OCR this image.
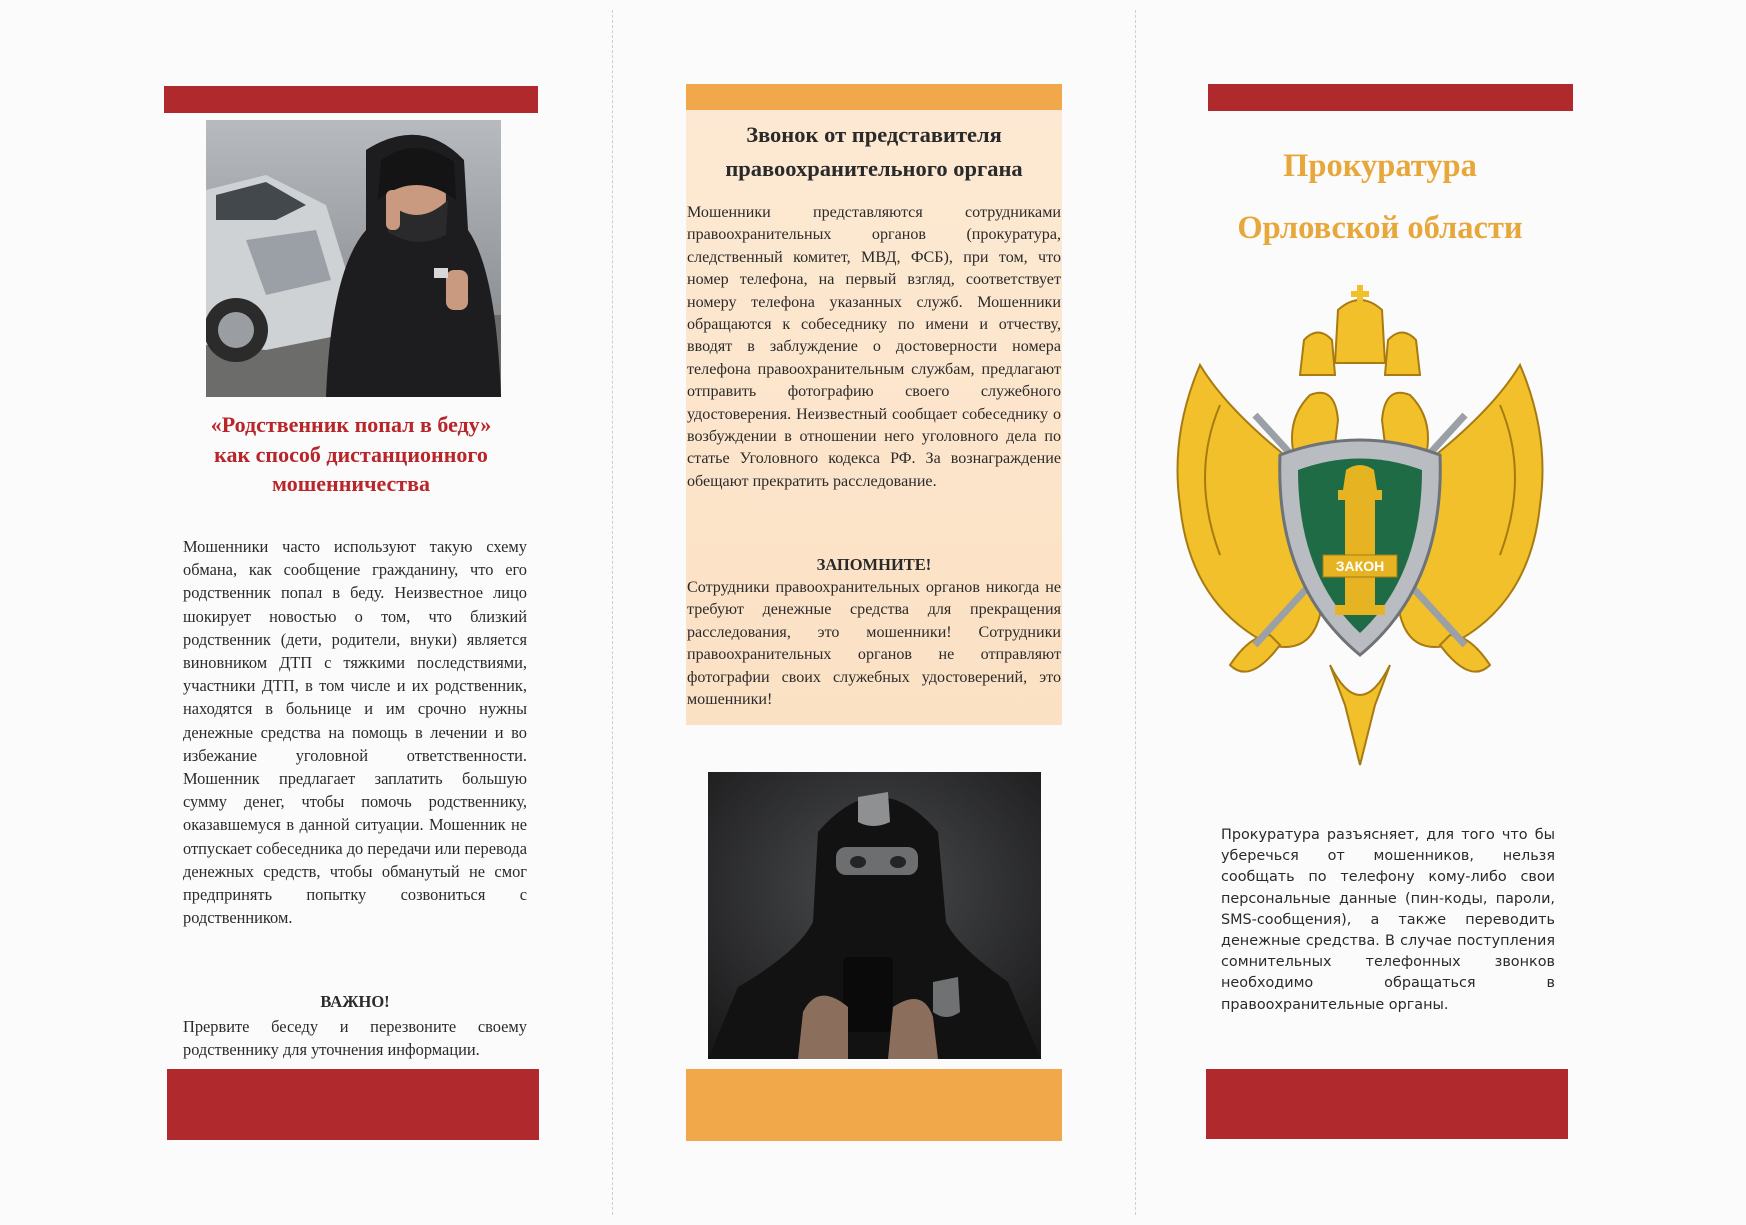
«Родственник попал в беду» как способ дистанционного мошенничества

Мошенники часто используют такую схему обмана, как сообщение гражданину, что его родственник попал в беду. Неизвестное лицо шокирует новостью о том, что близкий родственник (дети, родители, внуки) является виновником ДТП с тяжкими последствиями, участники ДТП, в том числе и их родственник, находятся в больнице и им срочно нужны денежные средства на помощь в лечении и во избежание уголовной ответственности. Мошенник предлагает заплатить большую сумму денег, чтобы помочь родственнику, оказавшемуся в данной ситуации. Мошенник не отпускает собеседника до передачи или перевода денежных средств, чтобы обманутый не смог предпринять попытку созвониться с родственником.

ВАЖНО!

Прервите беседу и перезвоните своему родственнику для уточнения информации.

Звонок от представителя правоохранительного органа

Мошенники представляются сотрудниками правоохранительных органов (прокуратура, следственный комитет, МВД, ФСБ), при том, что номер телефона, на первый взгляд, соответствует номеру телефона указанных служб. Мошенники обращаются к собеседнику по имени и отчеству, вводят в заблуждение о достоверности номера телефона правоохранительным службам, предлагают отправить фотографию своего служебного удостоверения. Неизвестный сообщает собеседнику о возбуждении в отношении него уголовного дела по статье Уголовного кодекса РФ. За вознаграждение обещают прекратить расследование.

ЗАПОМНИТЕ!

Сотрудники правоохранительных органов никогда не требуют денежные средства для прекращения расследования, это мошенники! Сотрудники правоохранительных органов не отправляют фотографии своих служебных удостоверений, это мошенники!

Прокуратура
Орловской области
ЗАКОН

Прокуратура разъясняет, для того что бы уберечься от мошенников, нельзя сообщать по телефону кому-либо свои персональные данные (пин-коды, пароли, SMS-сообщения), а также переводить денежные средства. В случае поступления сомнительных телефонных звонков необходимо обращаться в правоохранительные органы.
